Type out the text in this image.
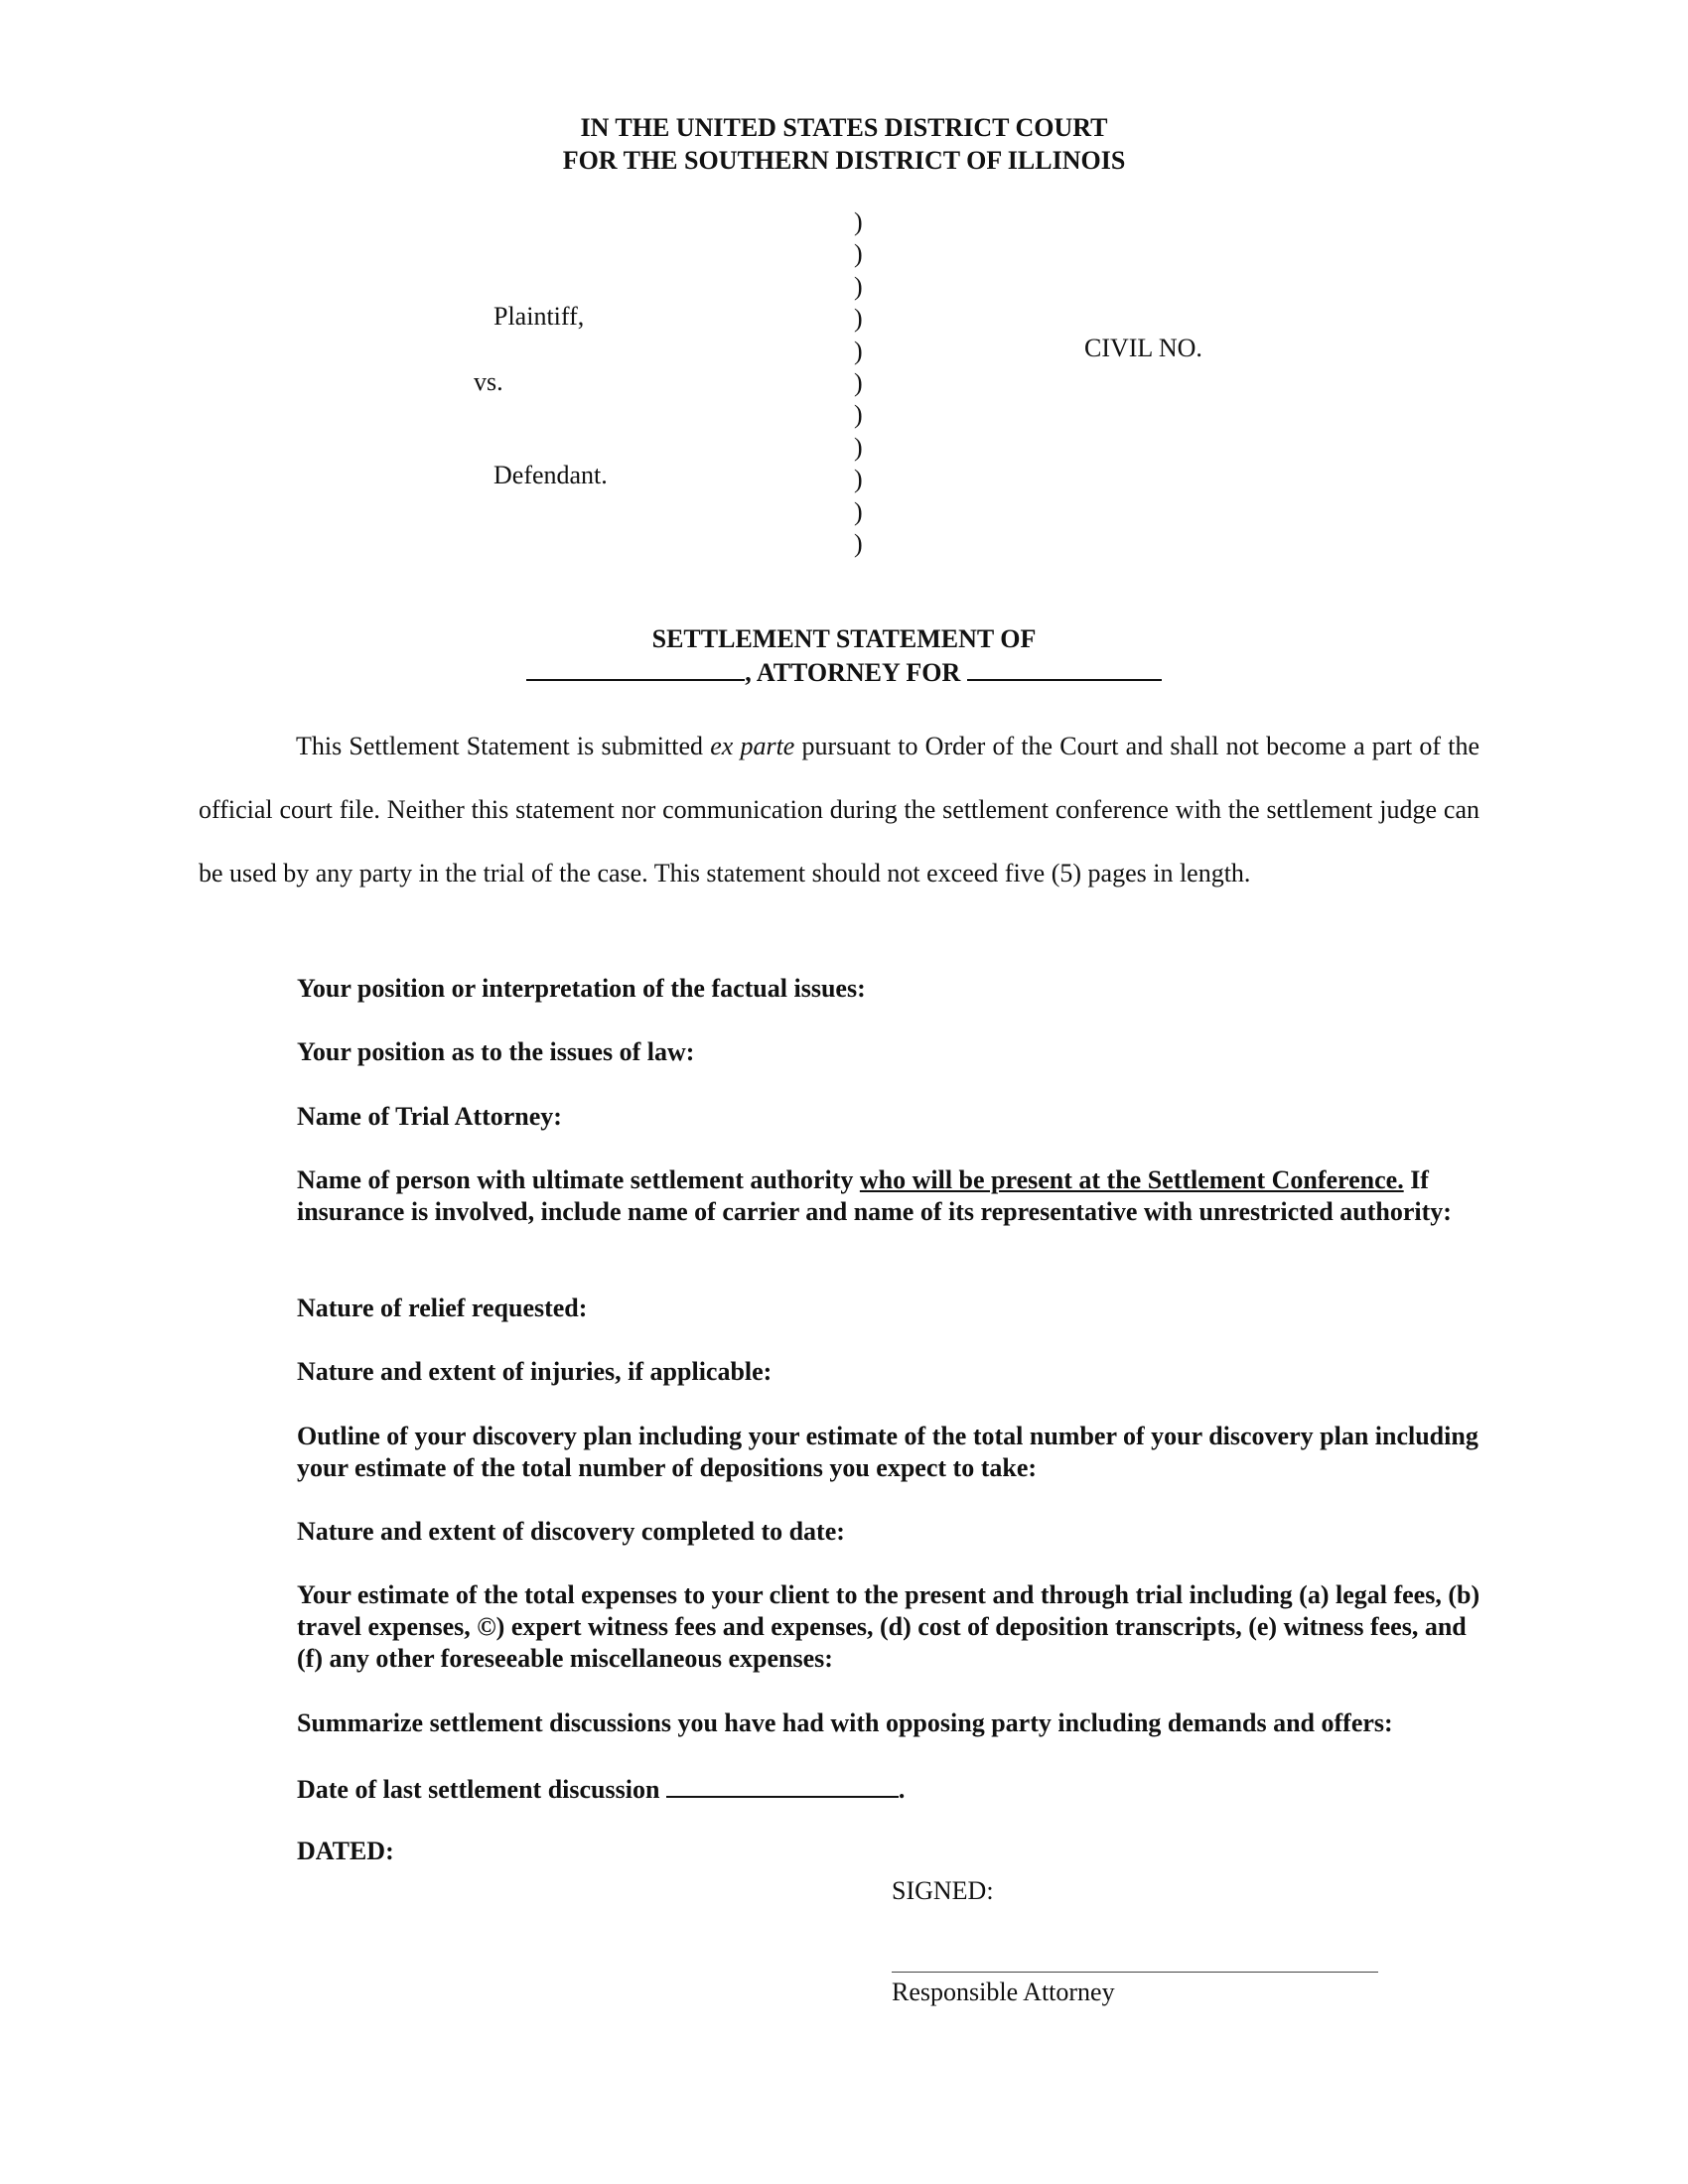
IN THE UNITED STATES DISTRICT COURT
FOR THE SOUTHERN DISTRICT OF ILLINOIS
Plaintiff,
vs.
Defendant.
CIVIL NO.
)
)
)
)
)
)
)
)
)
)
)
SETTLEMENT STATEMENT OF
, ATTORNEY FOR
This Settlement Statement is submitted ex parte pursuant to Order of the Court and shall not become a part of the official court file. Neither this statement nor communication during the settlement conference with the settlement judge can be used by any party in the trial of the case. This statement should not exceed five (5) pages in length.
Your position or interpretation of the factual issues:
Your position as to the issues of law:
Name of Trial Attorney:
Name of person with ultimate settlement authority who will be present at the Settlement Conference. If insurance is involved, include name of carrier and name of its representative with unrestricted authority:
Nature of relief requested:
Nature and extent of injuries, if applicable:
Outline of your discovery plan including your estimate of the total number of your discovery plan including your estimate of the total number of depositions you expect to take:
Nature and extent of discovery completed to date:
Your estimate of the total expenses to your client to the present and through trial including (a) legal fees, (b) travel expenses, ©) expert witness fees and expenses, (d) cost of deposition transcripts, (e) witness fees, and (f) any other foreseeable miscellaneous expenses:
Summarize settlement discussions you have had with opposing party including demands and offers:
Date of last settlement discussion	.
DATED:
SIGNED:
Responsible Attorney
